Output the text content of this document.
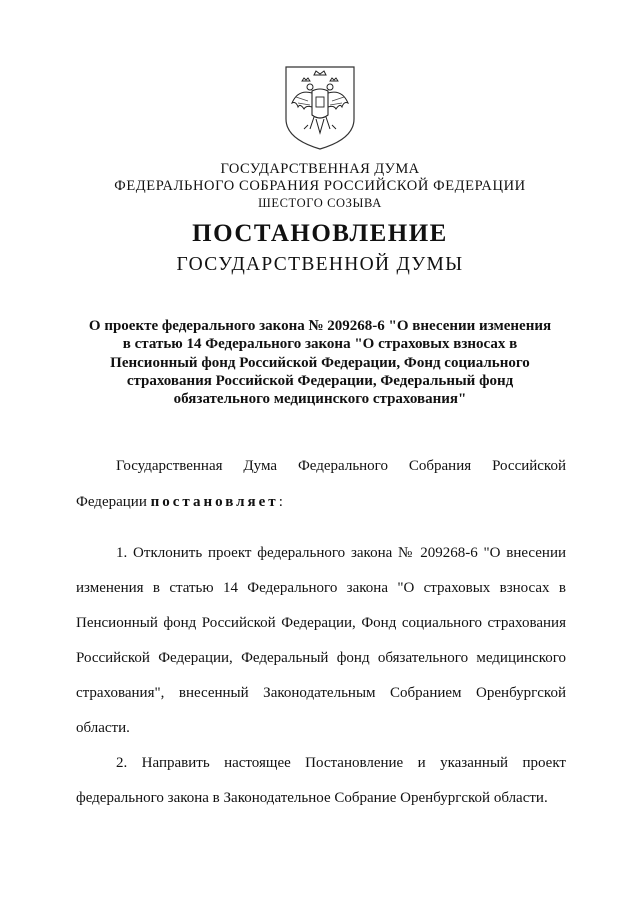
ГОСУДАРСТВЕННАЯ ДУМА
ФЕДЕРАЛЬНОГО СОБРАНИЯ РОССИЙСКОЙ ФЕДЕРАЦИИ
ШЕСТОГО СОЗЫВА
ПОСТАНОВЛЕНИЕ
ГОСУДАРСТВЕННОЙ ДУМЫ
О проекте федерального закона № 209268-6 "О внесении изменения
в статью 14 Федерального закона "О страховых взносах в
Пенсионный фонд Российской Федерации, Фонд социального
страхования Российской Федерации, Федеральный фонд
обязательного медицинского страхования"
Государственная Дума Федерального Собрания Российской
Федерации постановляет:
1. Отклонить проект федерального закона № 209268-6 "О внесении
изменения в статью 14 Федерального закона "О страховых взносах в
Пенсионный фонд Российской Федерации, Фонд социального страхования
Российской Федерации, Федеральный фонд обязательного медицинского
страхования", внесенный Законодательным Собранием Оренбургской
области.
2. Направить настоящее Постановление и указанный проект
федерального закона в Законодательное Собрание Оренбургской области.
